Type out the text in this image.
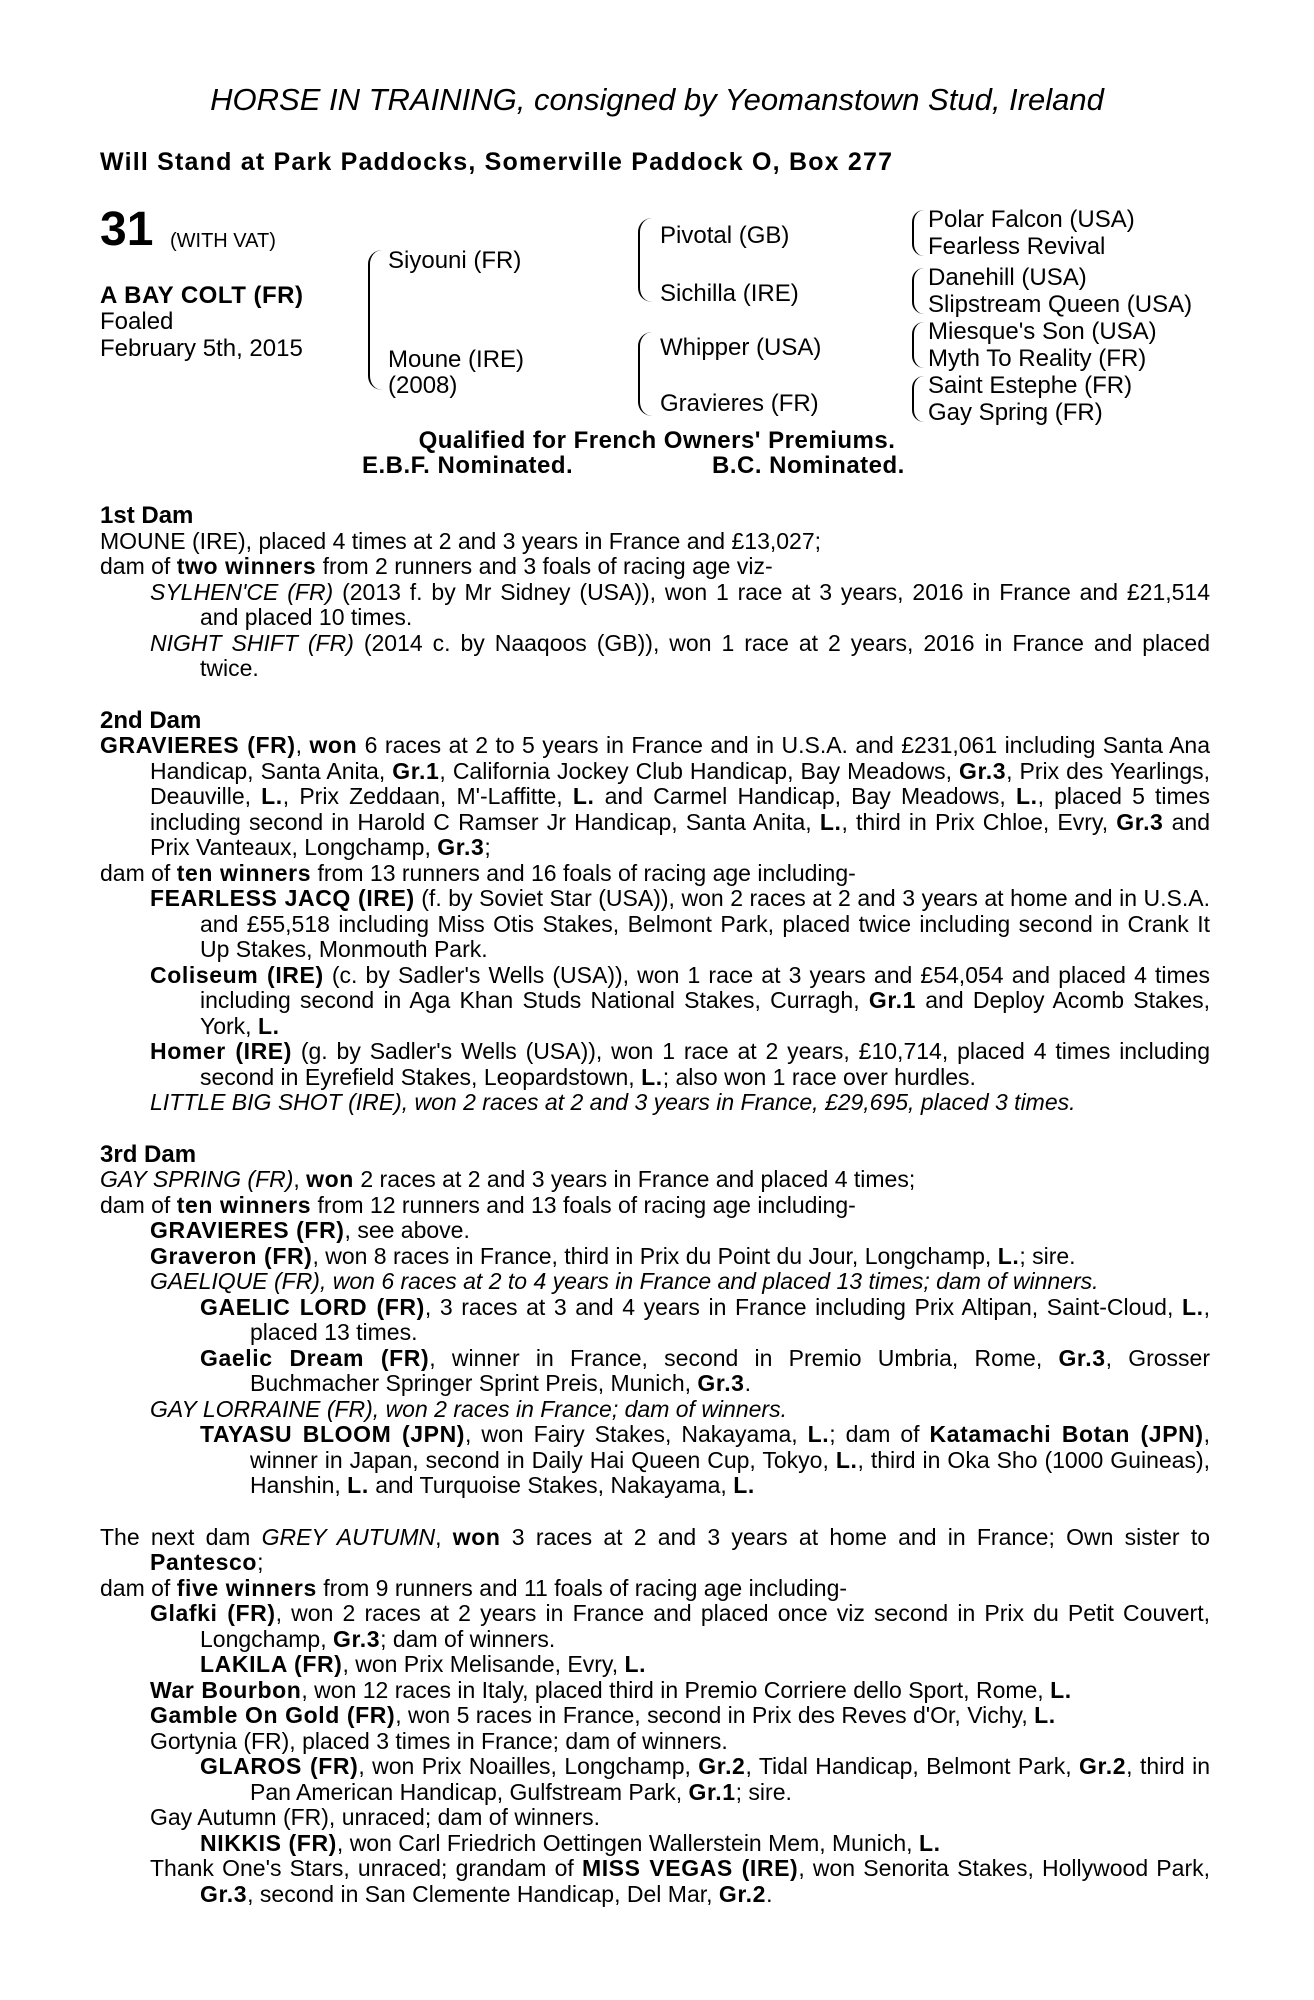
HORSE IN TRAINING, consigned by Yeomanstown Stud, Ireland
Will Stand at Park Paddocks, Somerville Paddock O, Box 277
31 (WITH VAT)
A BAY COLT (FR)
Foaled
February 5th, 2015
Siyouni (FR)
Moune (IRE)
(2008)
Pivotal (GB)
Sichilla (IRE)
Whipper (USA)
Gravieres (FR)
Polar Falcon (USA)
Fearless Revival
Danehill (USA)
Slipstream Queen (USA)
Miesque's Son (USA)
Myth To Reality (FR)
Saint Estephe (FR)
Gay Spring (FR)
Qualified for French Owners' Premiums.
E.B.F. Nominated.	B.C. Nominated.

1st Dam

MOUNE (IRE), placed 4 times at 2 and 3 years in France and £13,027;

dam of two winners from 2 runners and 3 foals of racing age viz-

SYLHEN'CE (FR) (2013 f. by Mr Sidney (USA)), won 1 race at 3 years, 2016 in France and £21,514 and placed 10 times.

NIGHT SHIFT (FR) (2014 c. by Naaqoos (GB)), won 1 race at 2 years, 2016 in France and placed twice.

2nd Dam

GRAVIERES (FR), won 6 races at 2 to 5 years in France and in U.S.A. and £231,061 including Santa Ana Handicap, Santa Anita, Gr.1, California Jockey Club Handicap, Bay Meadows, Gr.3, Prix des Yearlings, Deauville, L., Prix Zeddaan, M'-Laffitte, L. and Carmel Handicap, Bay Meadows, L., placed 5 times including second in Harold C Ramser Jr Handicap, Santa Anita, L., third in Prix Chloe, Evry, Gr.3 and Prix Vanteaux, Longchamp, Gr.3;

dam of ten winners from 13 runners and 16 foals of racing age including-

FEARLESS JACQ (IRE) (f. by Soviet Star (USA)), won 2 races at 2 and 3 years at home and in U.S.A. and £55,518 including Miss Otis Stakes, Belmont Park, placed twice including second in Crank It Up Stakes, Monmouth Park.

Coliseum (IRE) (c. by Sadler's Wells (USA)), won 1 race at 3 years and £54,054 and placed 4 times including second in Aga Khan Studs National Stakes, Curragh, Gr.1 and Deploy Acomb Stakes, York, L.

Homer (IRE) (g. by Sadler's Wells (USA)), won 1 race at 2 years, £10,714, placed 4 times including second in Eyrefield Stakes, Leopardstown, L.; also won 1 race over hurdles.

LITTLE BIG SHOT (IRE), won 2 races at 2 and 3 years in France, £29,695, placed 3 times.

3rd Dam

GAY SPRING (FR), won 2 races at 2 and 3 years in France and placed 4 times;

dam of ten winners from 12 runners and 13 foals of racing age including-

GRAVIERES (FR), see above.

Graveron (FR), won 8 races in France, third in Prix du Point du Jour, Longchamp, L.; sire.

GAELIQUE (FR), won 6 races at 2 to 4 years in France and placed 13 times; dam of winners.

GAELIC LORD (FR), 3 races at 3 and 4 years in France including Prix Altipan, Saint-Cloud, L., placed 13 times.

Gaelic Dream (FR), winner in France, second in Premio Umbria, Rome, Gr.3, Grosser Buchmacher Springer Sprint Preis, Munich, Gr.3.

GAY LORRAINE (FR), won 2 races in France; dam of winners.

TAYASU BLOOM (JPN), won Fairy Stakes, Nakayama, L.; dam of Katamachi Botan (JPN), winner in Japan, second in Daily Hai Queen Cup, Tokyo, L., third in Oka Sho (1000 Guineas), Hanshin, L. and Turquoise Stakes, Nakayama, L.

The next dam GREY AUTUMN, won 3 races at 2 and 3 years at home and in France; Own sister to Pantesco;

dam of five winners from 9 runners and 11 foals of racing age including-

Glafki (FR), won 2 races at 2 years in France and placed once viz second in Prix du Petit Couvert, Longchamp, Gr.3; dam of winners.

LAKILA (FR), won Prix Melisande, Evry, L.

War Bourbon, won 12 races in Italy, placed third in Premio Corriere dello Sport, Rome, L.

Gamble On Gold (FR), won 5 races in France, second in Prix des Reves d'Or, Vichy, L.

Gortynia (FR), placed 3 times in France; dam of winners.

GLAROS (FR), won Prix Noailles, Longchamp, Gr.2, Tidal Handicap, Belmont Park, Gr.2, third in Pan American Handicap, Gulfstream Park, Gr.1; sire.

Gay Autumn (FR), unraced; dam of winners.

NIKKIS (FR), won Carl Friedrich Oettingen Wallerstein Mem, Munich, L.

Thank One's Stars, unraced; grandam of MISS VEGAS (IRE), won Senorita Stakes, Hollywood Park, Gr.3, second in San Clemente Handicap, Del Mar, Gr.2.
